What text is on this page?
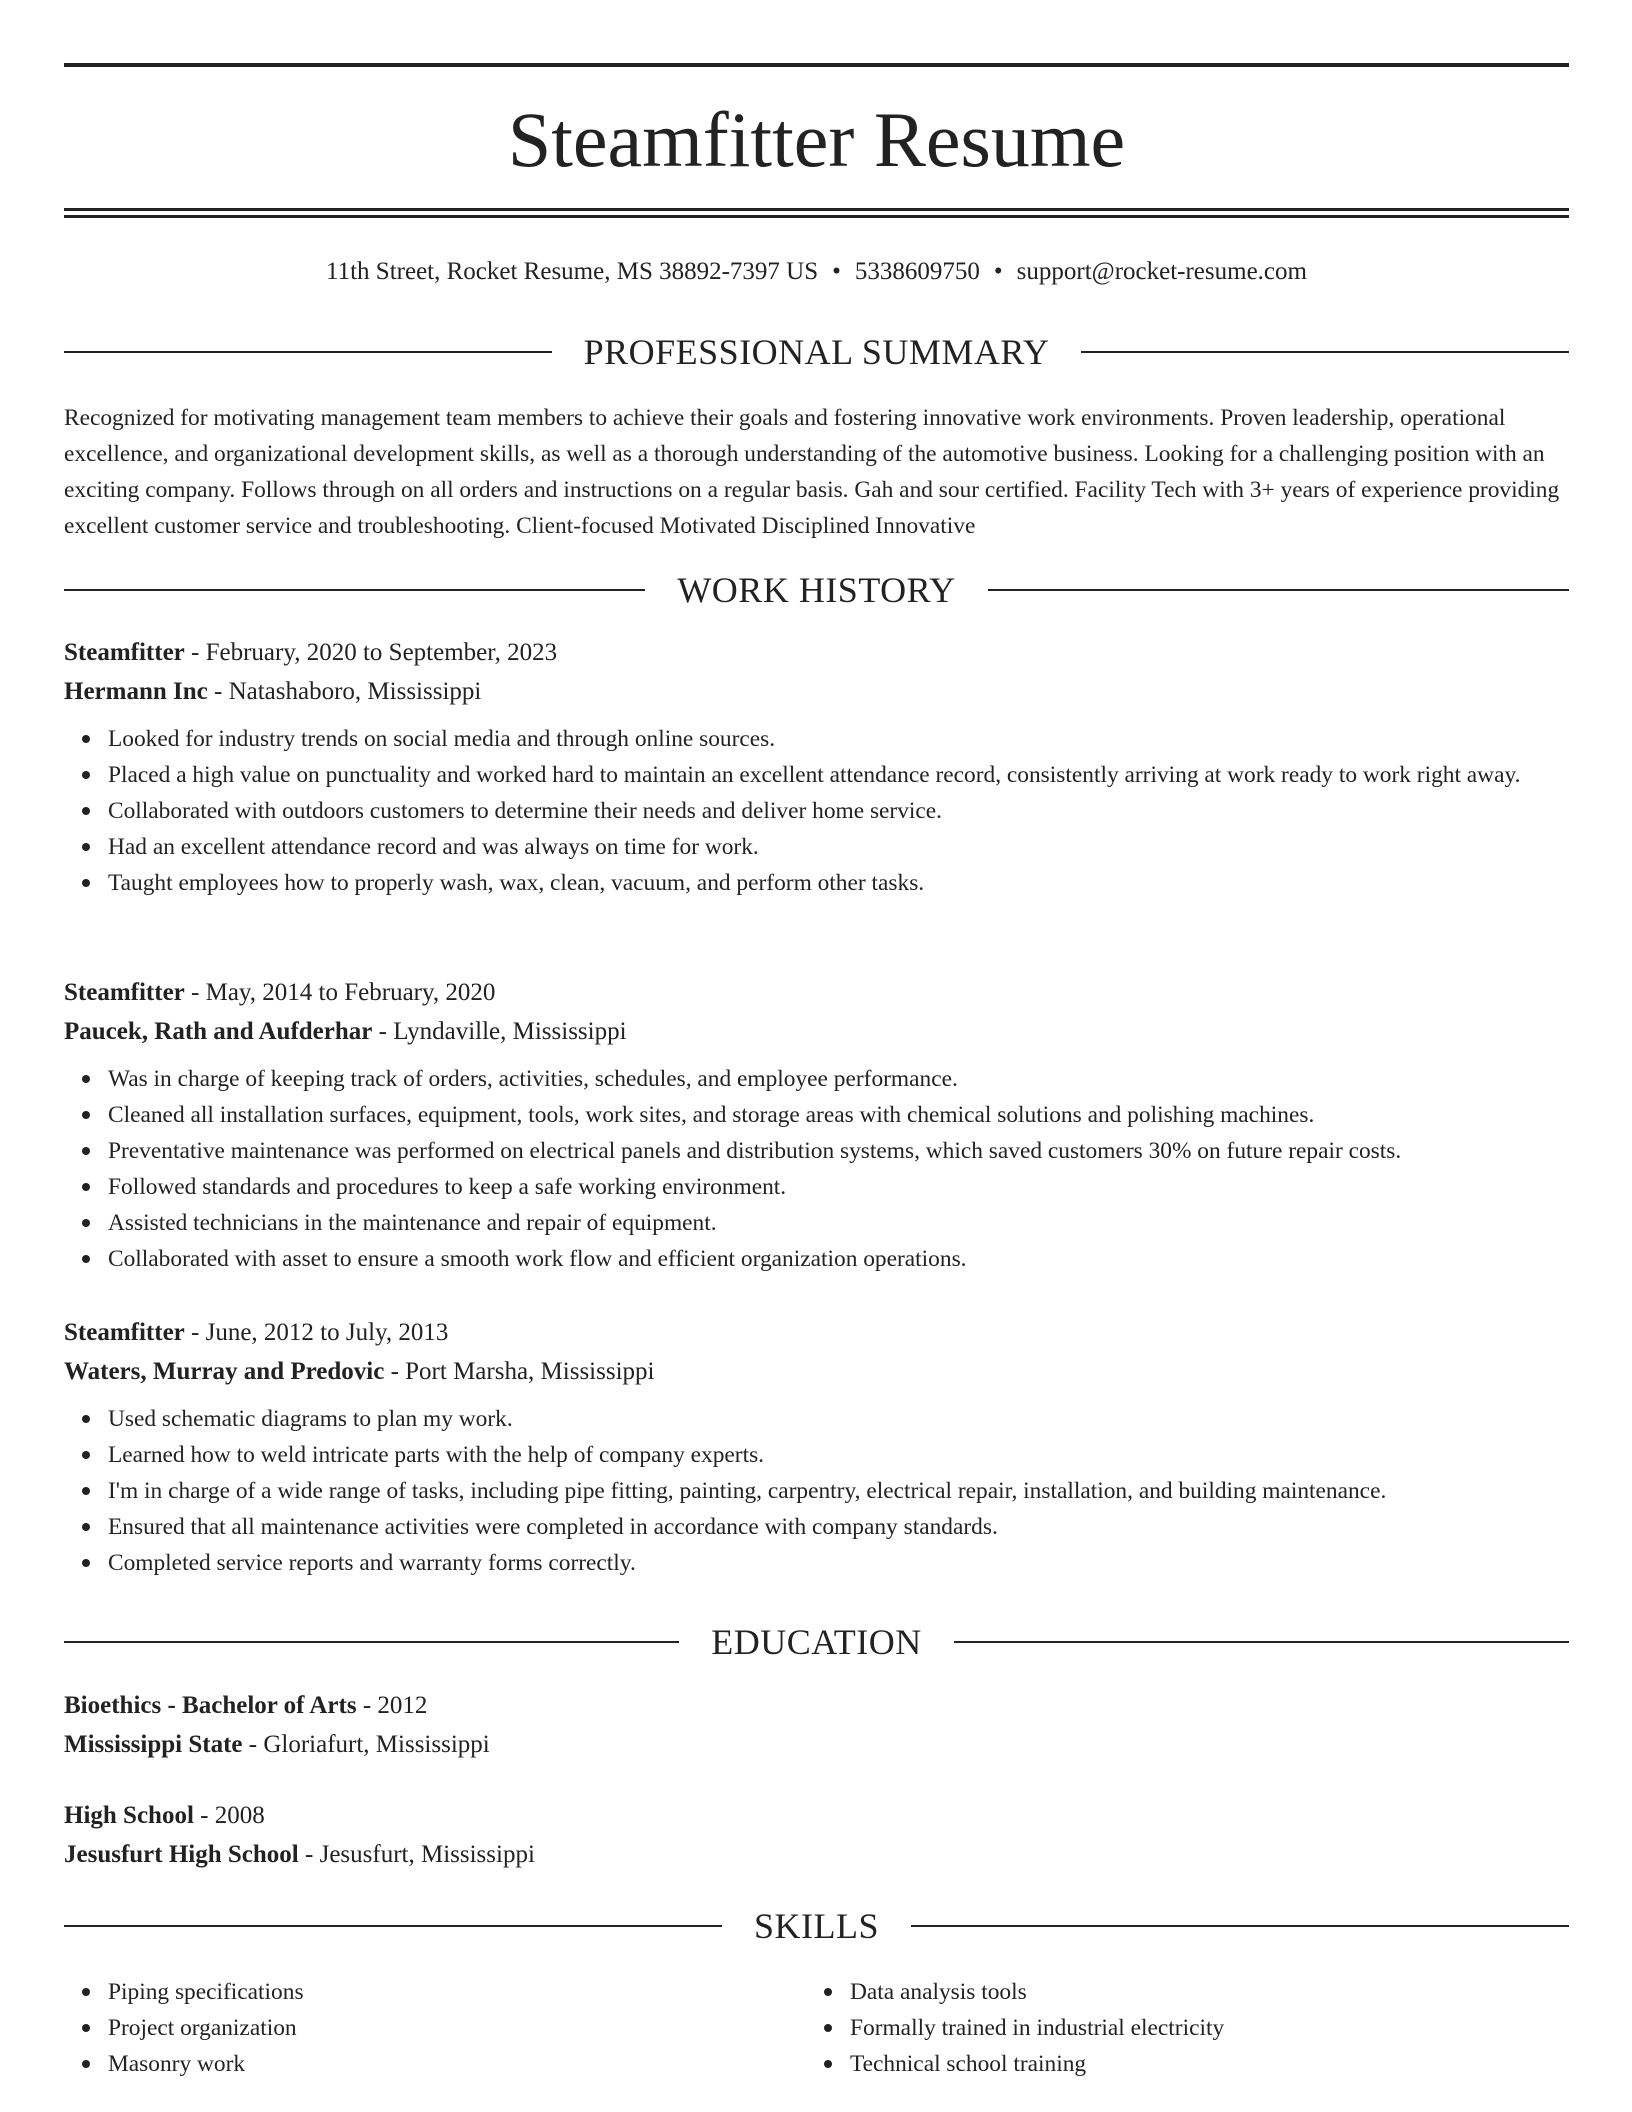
Steamfitter Resume
11th Street, Rocket Resume, MS 38892-7397 US • 5338609750 • support@rocket-resume.com
PROFESSIONAL SUMMARY

Recognized for motivating management team members to achieve their goals and fostering innovative work environments. Proven leadership, operational excellence, and organizational development skills, as well as a thorough understanding of the automotive business. Looking for a challenging position with an exciting company. Follows through on all orders and instructions on a regular basis. Gah and sour certified. Facility Tech with 3+ years of experience providing excellent customer service and troubleshooting. Client-focused Motivated Disciplined Innovative

WORK HISTORY
Steamfitter - February, 2020 to September, 2023
Hermann Inc - Natashaboro, Mississippi
Looked for industry trends on social media and through online sources.
Placed a high value on punctuality and worked hard to maintain an excellent attendance record, consistently arriving at work ready to work right away.
Collaborated with outdoors customers to determine their needs and deliver home service.
Had an excellent attendance record and was always on time for work.
Taught employees how to properly wash, wax, clean, vacuum, and perform other tasks.
Steamfitter - May, 2014 to February, 2020
Paucek, Rath and Aufderhar - Lyndaville, Mississippi
Was in charge of keeping track of orders, activities, schedules, and employee performance.
Cleaned all installation surfaces, equipment, tools, work sites, and storage areas with chemical solutions and polishing machines.
Preventative maintenance was performed on electrical panels and distribution systems, which saved customers 30% on future repair costs.
Followed standards and procedures to keep a safe working environment.
Assisted technicians in the maintenance and repair of equipment.
Collaborated with asset to ensure a smooth work flow and efficient organization operations.
Steamfitter - June, 2012 to July, 2013
Waters, Murray and Predovic - Port Marsha, Mississippi
Used schematic diagrams to plan my work.
Learned how to weld intricate parts with the help of company experts.
I'm in charge of a wide range of tasks, including pipe fitting, painting, carpentry, electrical repair, installation, and building maintenance.
Ensured that all maintenance activities were completed in accordance with company standards.
Completed service reports and warranty forms correctly.
EDUCATION
Bioethics - Bachelor of Arts - 2012
Mississippi State - Gloriafurt, Mississippi
High School - 2008
Jesusfurt High School - Jesusfurt, Mississippi
SKILLS
Piping specifications
Project organization
Masonry work
Data analysis tools
Formally trained in industrial electricity
Technical school training
